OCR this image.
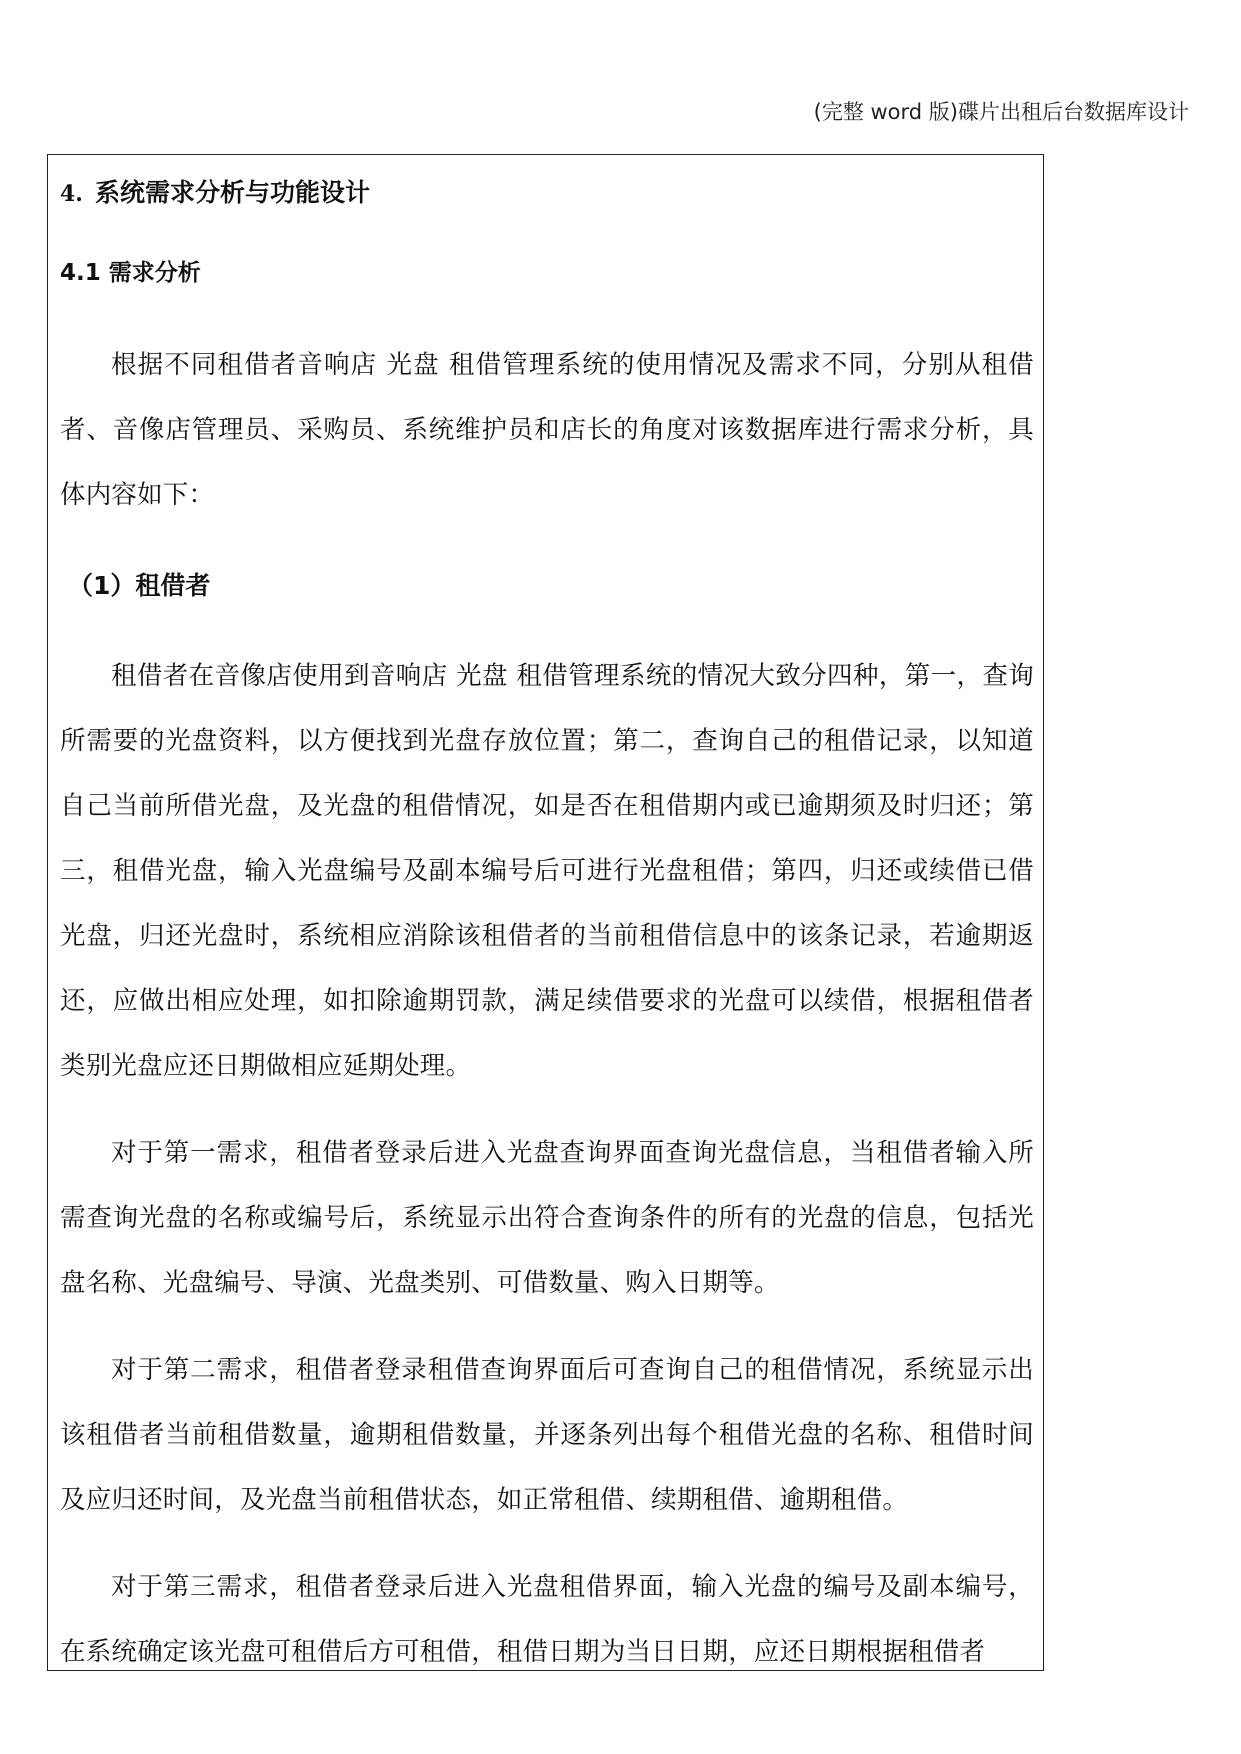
(完整 word 版)碟片出租后台数据库设计
4. 系统需求分析与功能设计
4.1 需求分析

根据不同租借者音响店 光盘 租借管理系统的使用情况及需求不同，分别从租借者、音像店管理员、采购员、系统维护员和店长的角度对该数据库进行需求分析，具体内容如下：

（1）租借者

租借者在音像店使用到音响店 光盘 租借管理系统的情况大致分四种，第一，查询所需要的光盘资料，以方便找到光盘存放位置；第二，查询自己的租借记录，以知道自己当前所借光盘，及光盘的租借情况，如是否在租借期内或已逾期须及时归还；第三，租借光盘，输入光盘编号及副本编号后可进行光盘租借；第四，归还或续借已借光盘，归还光盘时，系统相应消除该租借者的当前租借信息中的该条记录，若逾期返还，应做出相应处理，如扣除逾期罚款，满足续借要求的光盘可以续借，根据租借者类别光盘应还日期做相应延期处理。

对于第一需求，租借者登录后进入光盘查询界面查询光盘信息，当租借者输入所需查询光盘的名称或编号后，系统显示出符合查询条件的所有的光盘的信息，包括光盘名称、光盘编号、导演、光盘类别、可借数量、购入日期等。

对于第二需求，租借者登录租借查询界面后可查询自己的租借情况，系统显示出该租借者当前租借数量，逾期租借数量，并逐条列出每个租借光盘的名称、租借时间及应归还时间，及光盘当前租借状态，如正常租借、续期租借、逾期租借。

对于第三需求，租借者登录后进入光盘租借界面，输入光盘的编号及副本编号，在系统确定该光盘可租借后方可租借，租借日期为当日日期，应还日期根据租借者
